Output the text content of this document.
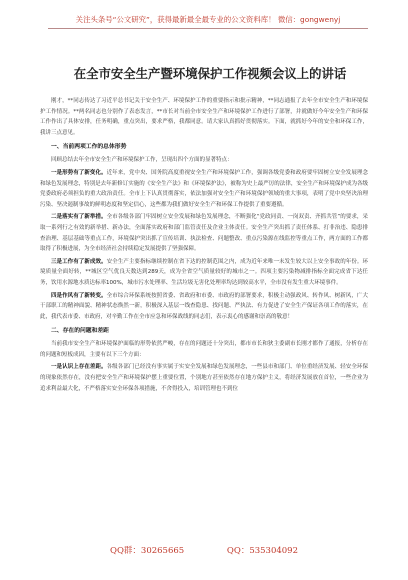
关注头条号“公文研究”，获得最新最全最专业的公文资料库！ 微信：gongwenyj
在全市安全生产暨环境保护工作视频会议上的讲话

刚才，**同志传达了习近平总书记关于安全生产、环境保护工作的重要指示和批示精神，**同志通报了去年全市安全生产和环境保护工作情况。**两名同志也分别作了表态发言，**市长对当前全市安全生产和环境保护工作进行了部署，并就做好今年安全生产和环保工作作出了具体安排，任务明确，重点突出，要求严格，我都同意。请大家认真抓好贯彻落实。下面，就抓好今年的安全和环保工作，我讲三点意见。

一、当前两项工作的总体形势

回顾总结去年全市安全生产和环境保护工作，呈现出四个方面的显著特点：

一是形势有了新变化。近年来，党中央、国务院高度重视安全生产和环境保护工作，强调各级党委和政府要牢固树立安全发展理念和绿色发展理念，特别是去年新修订实施的《安全生产法》和《环境保护法》，被称为史上最严厉的法律，安全生产和环境保护成为各级党委政府必须担负的重大政治责任。全市上下认真贯彻落实，依法加强对安全生产和环境保护领域的重大事项，表明了党中央坚决治理污染、坚决遏制事故的鲜明态度和坚定信心，这些都为我们做好安全生产和环保工作提供了重要遵循。

二是落实有了新举措。全市各级各部门牢固树立安全发展和绿色发展理念，不断强化“党政同责、一岗双责、齐抓共管”的要求，采取一系列行之有效的新举措、新办法，全面落实政府和部门监管责任及企业主体责任。安全生产突出抓了责任体系、打非治违、隐患排查治理、基层基础等重点工作，环境保护突出抓了宣传培训、执法检查、问题整改、重点污染源在线监控等重点工作，两方面的工作都取得了积极进展，为全市经济社会持续稳定发展提供了坚强保障。

三是工作有了新成效。安全生产主要指标继续控制在省下达的控制范围之内，成为近年来唯一未发生较大以上安全事故的年份。环境质量全面好转，**城区空气优良天数达到289天，成为全省空气质量较好的城市之一。四项主要污染物减排指标全面完成省下达任务，饮用水源地水质达标率100%，城市污水处理率、生活垃圾无害化处理率均达到较高水平，全市没有发生重大环境事件。

四是作风有了新转变。全市综合环保系统按照省委、省政府和市委、市政府的部署要求，积极主动强政风、转作风、树新风，广大干部职工的精神面貌、精神状态焕然一新，积极深入基层一线查隐患、找问题、严执法、有力促进了安全生产保证各项工作的落实，在此，我代表市委、市政府，对辛勤工作在全市应急和环保战线的同志们，表示衷心的感谢和崇高的敬意！

二、存在的问题和差距

当前我市安全生产和环境保护面临的形势依然严峻，存在的问题还十分突出，都市市长和狄主委副市长刚才都作了通报，分析存在的问题和短板成因，主要有以下三个方面：

一是认识上存在差距。各级各部门已经没有事实属于实安全发展和绿色发展理念，一些县市和部门、单位重经济发展、轻安全环保的现象依然存在，没有把安全生产和环境保护摆上重要位置，个别地方甚至依然存在地方保护主义，将经济发展放在首位，一些企业为追求利益最大化，不严格落实安全环保各项措施，不舍得投入，培训管理也不到位

QQ群：30265665	QQ：535304092
